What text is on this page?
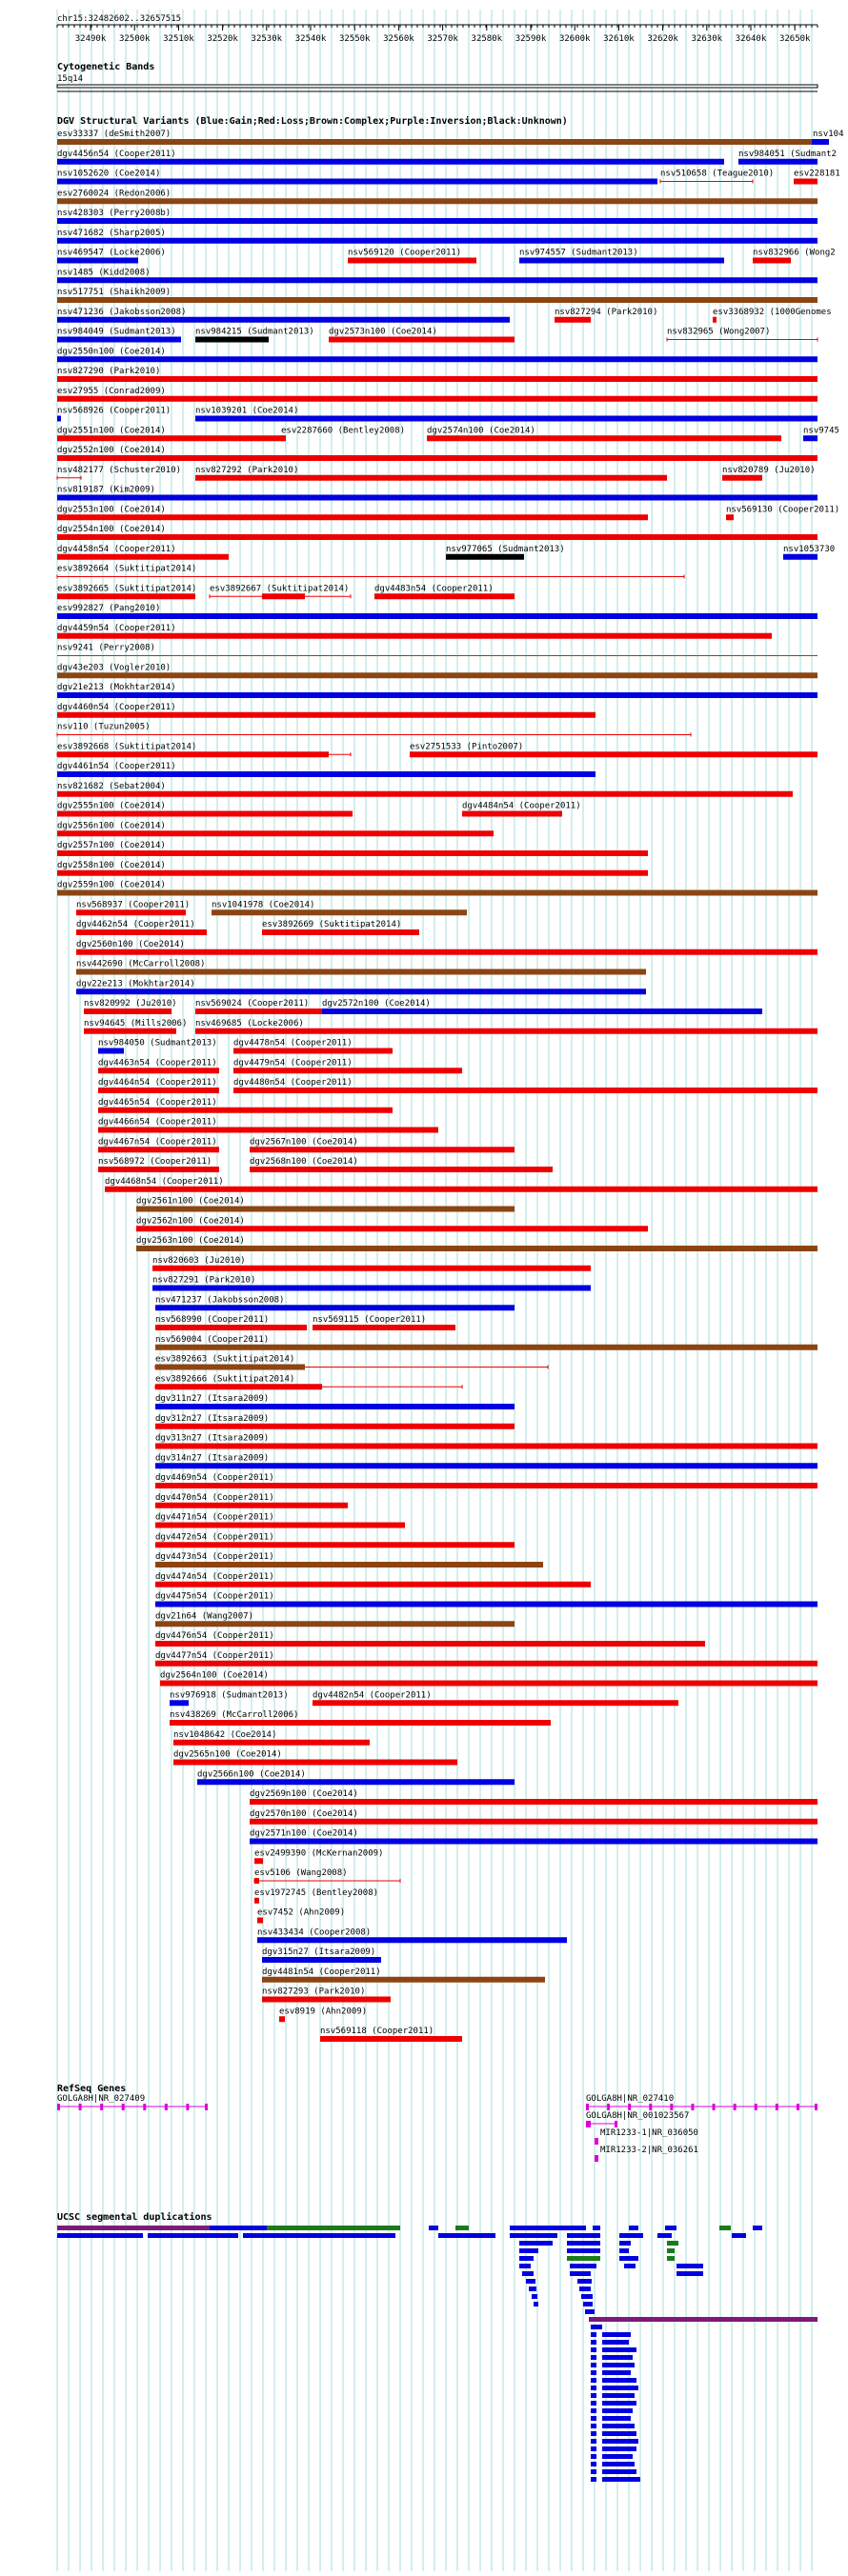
chr15:32482602..32657515
32490k 32500k 32510k 32520k 32530k 32540k 32550k 32560k 32570k 32580k 32590k 32600k 32610k 32620k 32630k 32640k 32650k
Cytogenetic Bands
15q14
DGV Structural Variants (Blue:Gain;Red:Loss;Brown:Complex;Purple:Inversion;Black:Unknown)
esv33337 (deSmith2007)	nsv104
dgv4456n54 (Cooper2011)	nsv984051 (Sudmant2
nsv1052620 (Coe2014)	nsv510658 (Teague2010) esv228181
esv2760024 (Redon2006)
nsv428303 (Perry2008b)
nsv471682 (Sharp2005)
nsv469547 (Locke2006)	nsv569120 (Cooper2011)	nsv974557 (Sudmant2013)	nsv832966 (Wong2
nsv1485 (Kidd2008)
nsv517751 (Shaikh2009)
nsv471236 (Jakobsson2008)	nsv827294 (Park2010)	esv3368932 (1000Genomes
nsv984049 (Sudmant2013) nsv984215 (Sudmant2013) dgv2573n100 (Coe2014)	nsv832965 (Wong2007)
dgv2550n100 (Coe2014)
nsv827290 (Park2010)
esv27955 (Conrad2009)
nsv568926 (Cooper2011)	nsv1039201 (Coe2014)
dgv2551n100 (Coe2014)	esv2287660 (Bentley2008)	dgv2574n100 (Coe2014)	nsv9745
dgv2552n100 (Coe2014)
nsv482177 (Schuster2010) nsv827292 (Park2010)	nsv820789 (Ju2010)
nsv819187 (Kim2009)
dgv2553n100 (Coe2014)	nsv569130 (Cooper2011)
dgv2554n100 (Coe2014)
dgv4458n54 (Cooper2011)	nsv977065 (Sudmant2013)	nsv1053730
esv3892664 (Suktitipat2014)
esv3892665 (Suktitipat2014) esv3892667 (Suktitipat2014)	dgv4483n54 (Cooper2011)
esv992827 (Pang2010)
dgv4459n54 (Cooper2011)
nsv9241 (Perry2008)
dgv43e203 (Vogler2010)
dgv21e213 (Mokhtar2014)
dgv4460n54 (Cooper2011)
nsv110 (Tuzun2005)
esv3892668 (Suktitipat2014)	esv2751533 (Pinto2007)
dgv4461n54 (Cooper2011)
nsv821682 (Sebat2004)
dgv2555n100 (Coe2014)	dgv4484n54 (Cooper2011)
dgv2556n100 (Coe2014)
dgv2557n100 (Coe2014)
dgv2558n100 (Coe2014)
dgv2559n100 (Coe2014)
nsv568937 (Cooper2011)	nsv1041978 (Coe2014)
dgv4462n54 (Cooper2011)	esv3892669 (Suktitipat2014)
dgv2560n100 (Coe2014)
nsv442690 (McCarroll2008)
dgv22e213 (Mokhtar2014)
nsv820992 (Ju2010) nsv569024 (Cooper2011) dgv2572n100 (Coe2014)
nsv94645 (Mills2006) nsv469685 (Locke2006)
nsv984050 (Sudmant2013) dgv4478n54 (Cooper2011)
dgv4463n54 (Cooper2011) dgv4479n54 (Cooper2011)
dgv4464n54 (Cooper2011) dgv4480n54 (Cooper2011)
dgv4465n54 (Cooper2011)
dgv4466n54 (Cooper2011)
dgv4467n54 (Cooper2011)	dgv2567n100 (Coe2014)
nsv568972 (Cooper2011)	dgv2568n100 (Coe2014)
dgv4468n54 (Cooper2011)
dgv2561n100 (Coe2014)
dgv2562n100 (Coe2014)
dgv2563n100 (Coe2014)
nsv820603 (Ju2010)
nsv827291 (Park2010)
nsv471237 (Jakobsson2008)
nsv568990 (Cooper2011)	nsv569115 (Cooper2011)
nsv569004 (Cooper2011)
esv3892663 (Suktitipat2014)
esv3892666 (Suktitipat2014)
dgv311n27 (Itsara2009)
dgv312n27 (Itsara2009)
dgv313n27 (Itsara2009)
dgv314n27 (Itsara2009)
dgv4469n54 (Cooper2011)
dgv4470n54 (Cooper2011)
dgv4471n54 (Cooper2011)
dgv4472n54 (Cooper2011)
dgv4473n54 (Cooper2011)
dgv4474n54 (Cooper2011)
dgv4475n54 (Cooper2011)
dgv21n64 (Wang2007)
dgv4476n54 (Cooper2011)
dgv4477n54 (Cooper2011)
dgv2564n100 (Coe2014)
nsv976918 (Sudmant2013)	dgv4482n54 (Cooper2011)
nsv438269 (McCarroll2006)
nsv1048642 (Coe2014)
dgv2565n100 (Coe2014)
dgv2566n100 (Coe2014)
dgv2569n100 (Coe2014)
dgv2570n100 (Coe2014)
dgv2571n100 (Coe2014)
esv2499390 (McKernan2009)
esv5106 (Wang2008)
esv1972745 (Bentley2008)
esv7452 (Ahn2009)
nsv433434 (Cooper2008)
dgv315n27 (Itsara2009)
dgv4481n54 (Cooper2011)
nsv827293 (Park2010)
esv8919 (Ahn2009)
nsv569118 (Cooper2011)
RefSeq Genes
GOLGA8H|NR_027409	GOLGA8H|NR_027410
GOLGA8H|NR_001023567
MIR1233-1|NR_036050
MIR1233-2|NR_036261
UCSC segmental duplications
